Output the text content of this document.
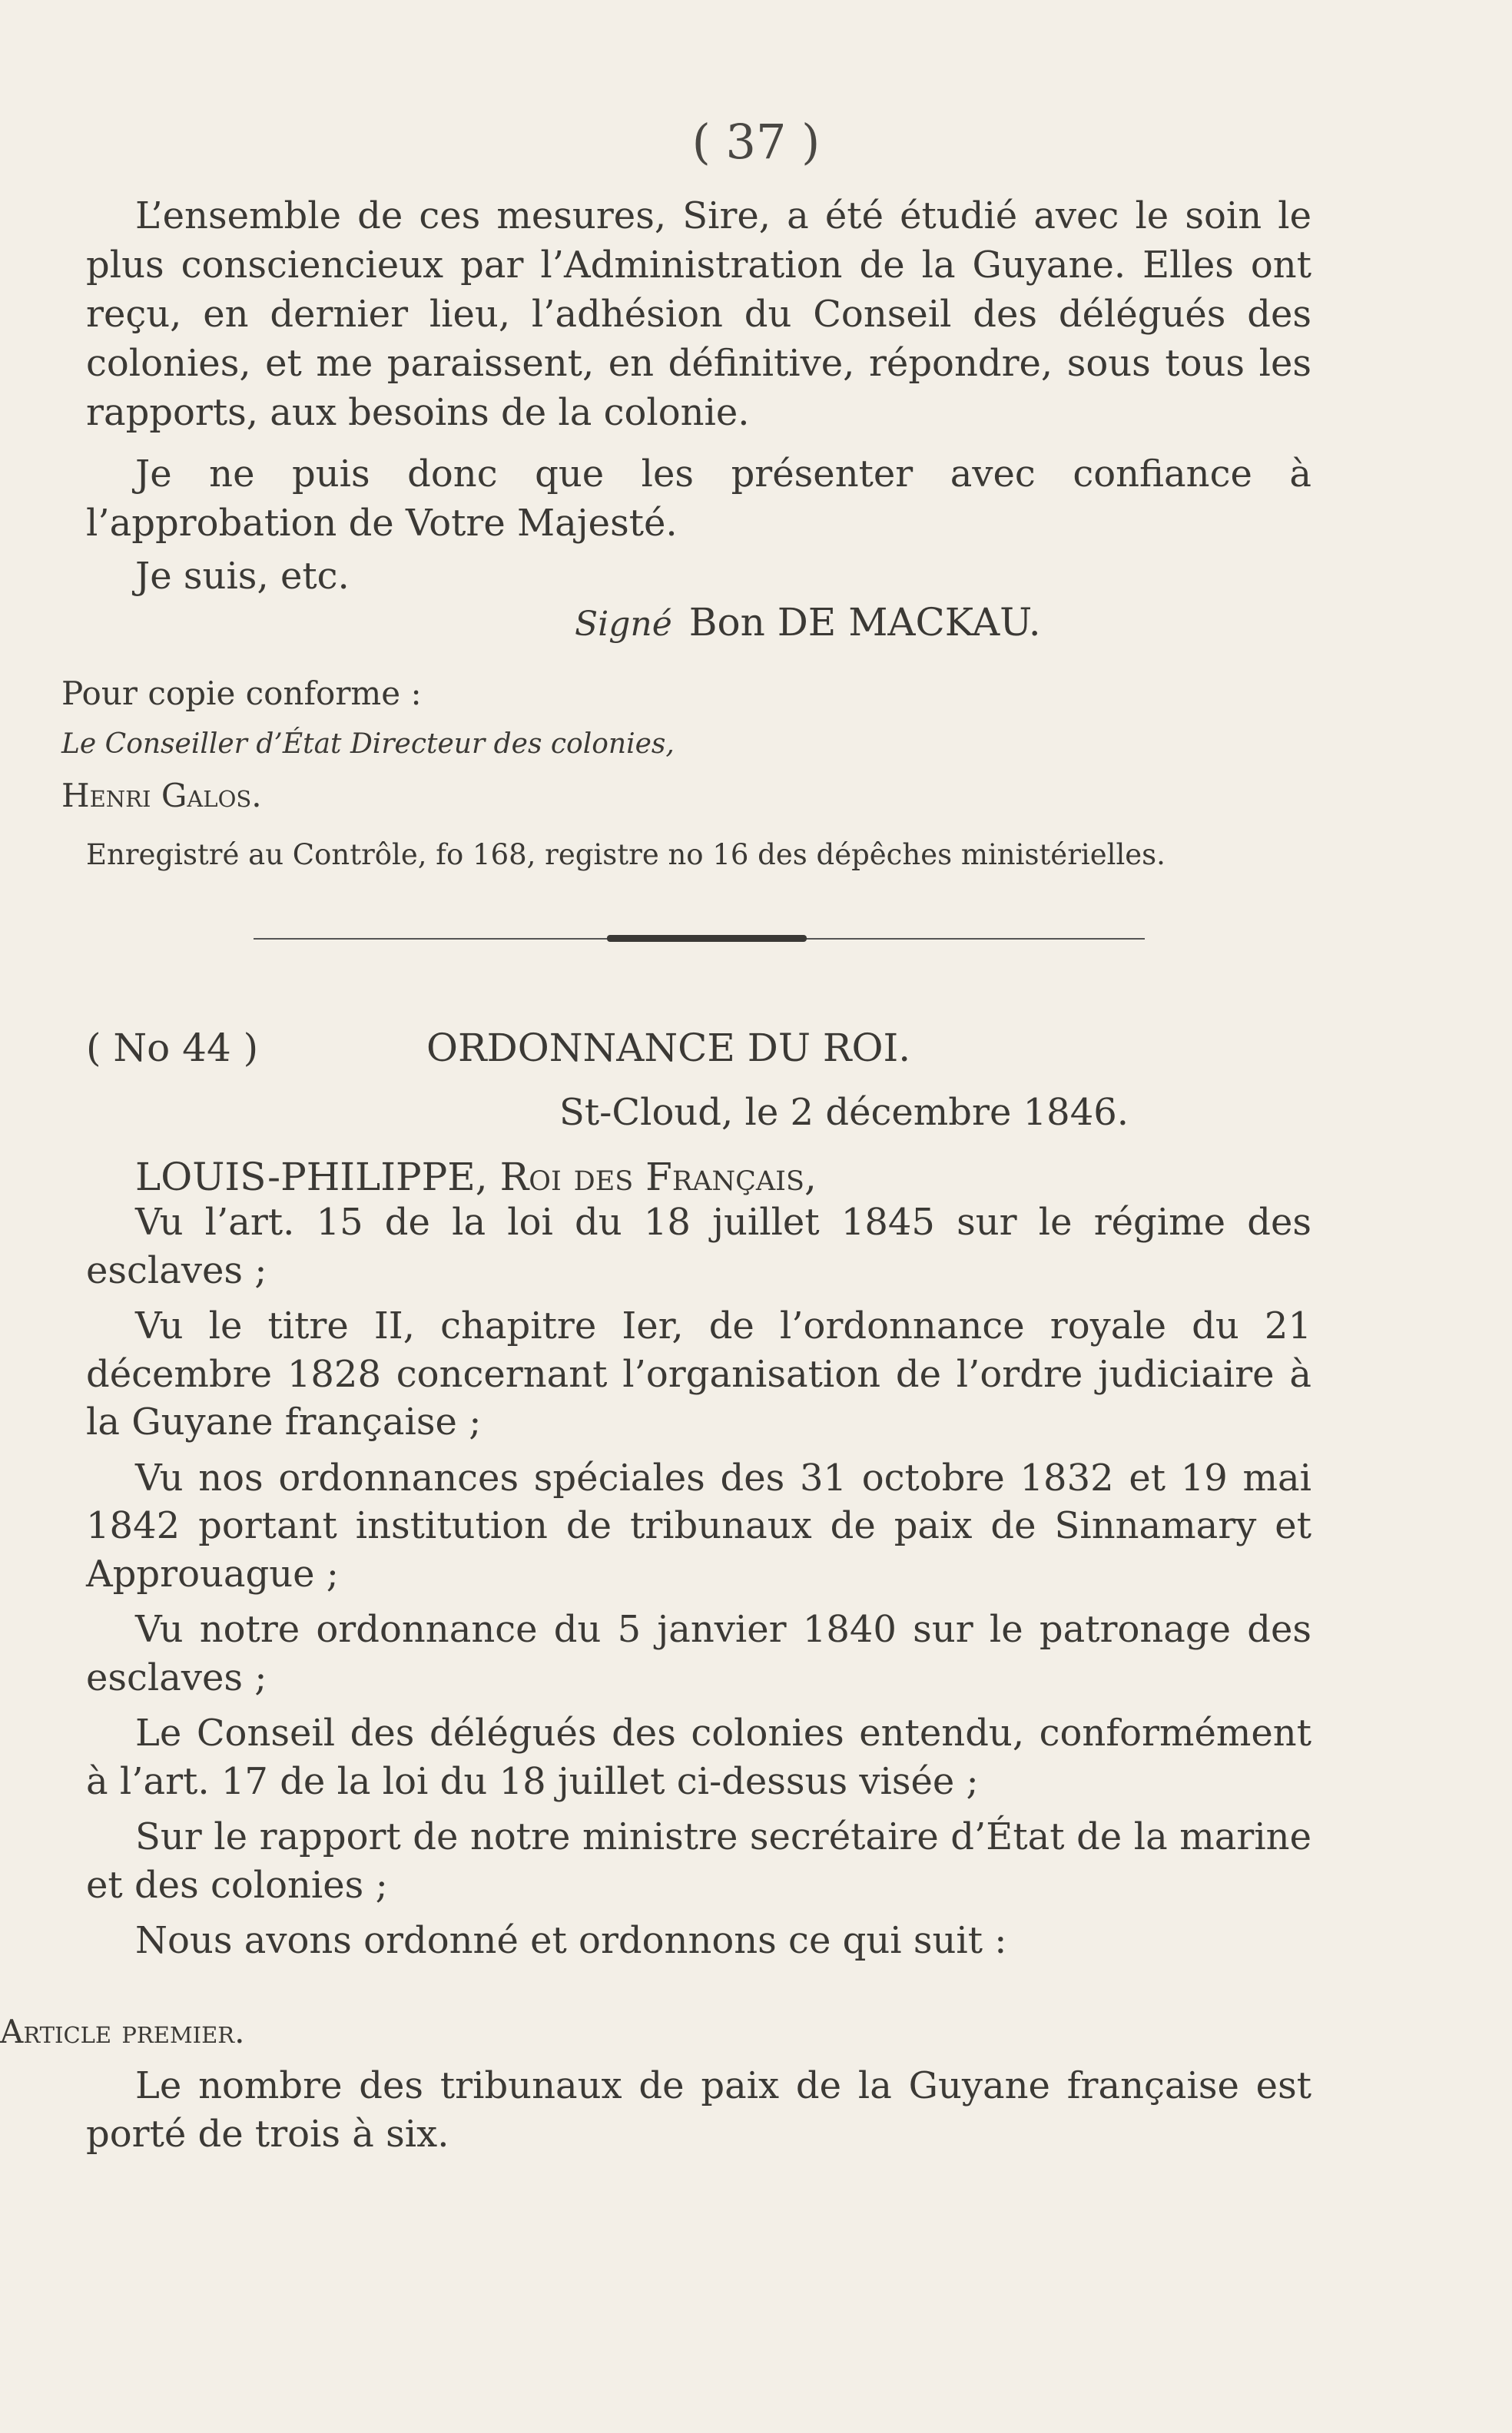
( 37 )

L’ensemble de ces mesures, Sire, a été étudié avec le soin le plus consciencieux par l’Administration de la Guyane. Elles ont reçu, en dernier lieu, l’adhésion du Conseil des délégués des colonies, et me paraissent, en définitive, répondre, sous tous les rapports, aux besoins de la colonie.

Je ne puis donc que les présenter avec confiance à l’approbation de Votre Majesté.

Je suis, etc.

Signé Bon DE MACKAU.

Pour copie conforme :

Le Conseiller d’État Directeur des colonies,

Henri Galos.

Enregistré au Contrôle, fo 168, registre no 16 des dépêches ministérielles.

( No 44 )	ORDONNANCE DU ROI.

St-Cloud, le 2 décembre 1846.

LOUIS-PHILIPPE, Roi des Français,

Vu l’art. 15 de la loi du 18 juillet 1845 sur le régime des esclaves ;

Vu le titre II, chapitre Ier, de l’ordonnance royale du 21 décembre 1828 concernant l’organisation de l’ordre judiciaire à la Guyane française ;

Vu nos ordonnances spéciales des 31 octobre 1832 et 19 mai 1842 portant institution de tribunaux de paix de Sinnamary et Approuague ;

Vu notre ordonnance du 5 janvier 1840 sur le patronage des esclaves ;

Le Conseil des délégués des colonies entendu, conformément à l’art. 17 de la loi du 18 juillet ci-dessus visée ;

Sur le rapport de notre ministre secrétaire d’État de la marine et des colonies ;

Nous avons ordonné et ordonnons ce qui suit :

Article premier.

Le nombre des tribunaux de paix de la Guyane française est porté de trois à six.
